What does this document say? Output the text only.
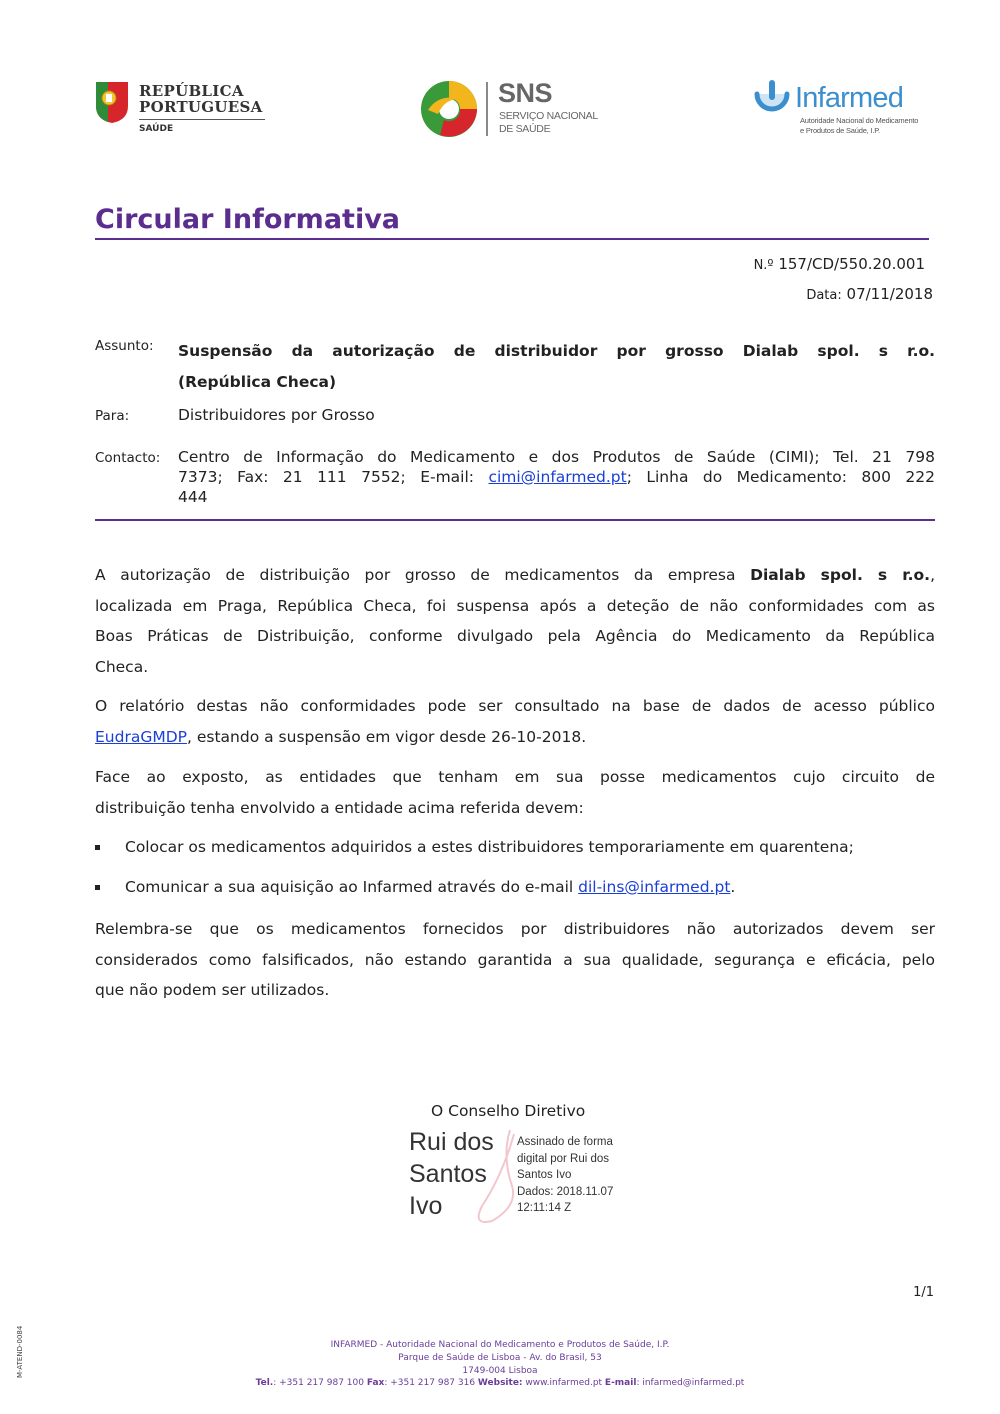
REPÚBLICA
PORTUGUESA
SAÚDE
SNS
SERVIÇO NACIONAL
DE SAÚDE
Infarmed
Autoridade Nacional do Medicamento
e Produtos de Saúde, I.P.
Circular Informativa
N.º 157/CD/550.20.001
Data: 07/11/2018
Assunto: Suspensão da autorização de distribuidor por grosso Dialab spol. s r.o.
(República Checa)
Para:	Distribuidores por Grosso
Contacto: Centro de Informação do Medicamento e dos Produtos de Saúde (CIMI); Tel. 21 798
7373; Fax: 21 111 7552; E-mail: cimi@infarmed.pt; Linha do Medicamento: 800 222
444
A autorização de distribuição por grosso de medicamentos da empresa Dialab spol. s r.o.,
localizada em Praga, República Checa, foi suspensa após a deteção de não conformidades com as
Boas Práticas de Distribuição, conforme divulgado pela Agência do Medicamento da República
Checa.
O relatório destas não conformidades pode ser consultado na base de dados de acesso público
EudraGMDP, estando a suspensão em vigor desde 26-10-2018.
Face ao exposto, as entidades que tenham em sua posse medicamentos cujo circuito de
distribuição tenha envolvido a entidade acima referida devem:
Colocar os medicamentos adquiridos a estes distribuidores temporariamente em quarentena;
Comunicar a sua aquisição ao Infarmed através do e-mail dil-ins@infarmed.pt.
Relembra-se que os medicamentos fornecidos por distribuidores não autorizados devem ser
considerados como falsificados, não estando garantida a sua qualidade, segurança e eficácia, pelo
que não podem ser utilizados.
O Conselho Diretivo
Rui dos
Santos
Ivo
Assinado de forma
digital por Rui dos
Santos Ivo
Dados: 2018.11.07
12:11:14 Z
1/1
M-ATEND-0084	INFARMED - Autoridade Nacional do Medicamento e Produtos de Saúde, I.P.
Parque de Saúde de Lisboa - Av. do Brasil, 53
1749-004 Lisboa
Tel.: +351 217 987 100 Fax: +351 217 987 316 Website: www.infarmed.pt E-mail: infarmed@infarmed.pt
